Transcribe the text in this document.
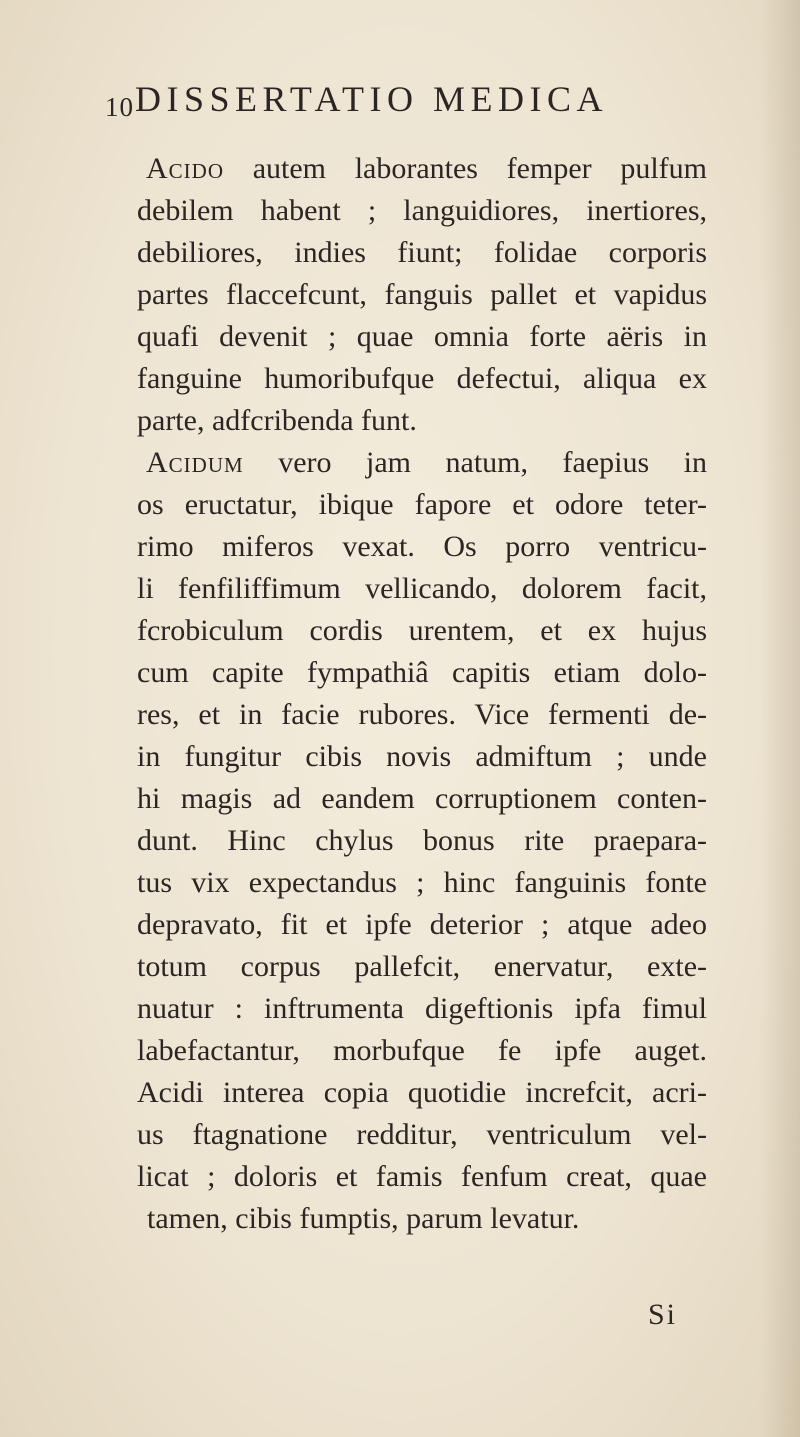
10 DISSERTATIO MEDICA
Acido autem laborantes femper pulfum
debilem habent ; languidiores, inertiores,
debiliores, indies fiunt; folidae corporis
partes flaccefcunt, fanguis pallet et vapidus
quafi devenit ; quae omnia forte aëris in
fanguine humoribufque defectui, aliqua ex
parte, adfcribenda funt.
Acidum vero jam natum, faepius in
os eructatur, ibique fapore et odore teter-
rimo miferos vexat. Os porro ventricu-
li fenfiliffimum vellicando, dolorem facit,
fcrobiculum cordis urentem, et ex hujus
cum capite fympathiâ capitis etiam dolo-
res, et in facie rubores. Vice fermenti de-
in fungitur cibis novis admiftum ; unde
hi magis ad eandem corruptionem conten-
dunt. Hinc chylus bonus rite praepara-
tus vix expectandus ; hinc fanguinis fonte
depravato, fit et ipfe deterior ; atque adeo
totum corpus pallefcit, enervatur, exte-
nuatur : inftrumenta digeftionis ipfa fimul
labefactantur, morbufque fe ipfe auget.
Acidi interea copia quotidie increfcit, acri-
us ftagnatione redditur, ventriculum vel-
licat ; doloris et famis fenfum creat, quae
tamen, cibis fumptis, parum levatur.
Si
